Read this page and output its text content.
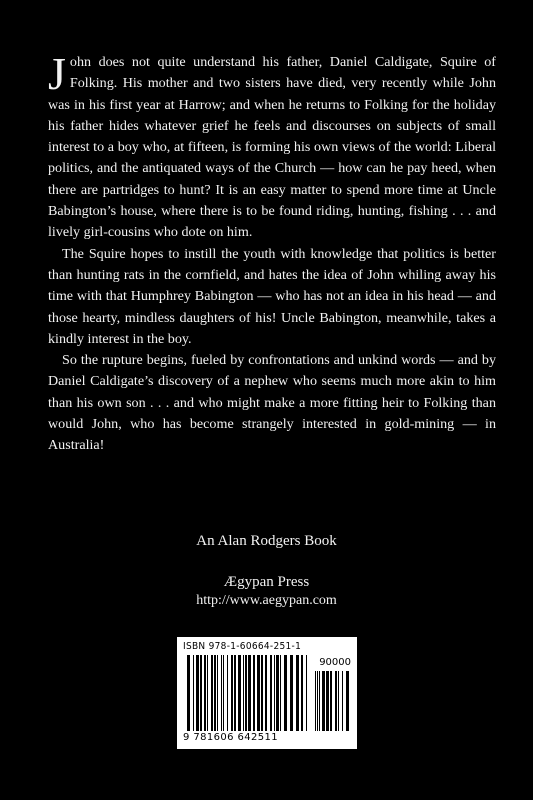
John does not quite understand his father, Daniel Caldigate, Squire of Folking. His mother and two sisters have died, very recently while John was in his first year at Harrow; and when he returns to Folking for the holiday his father hides whatever grief he feels and discourses on subjects of small interest to a boy who, at fifteen, is forming his own views of the world: Liberal politics, and the antiquated ways of the Church — how can he pay heed, when there are partridges to hunt? It is an easy matter to spend more time at Uncle Babington’s house, where there is to be found riding, hunting, fishing . . . and lively girl-cousins who dote on him.

The Squire hopes to instill the youth with knowledge that politics is better than hunting rats in the cornfield, and hates the idea of John whiling away his time with that Humphrey Babington — who has not an idea in his head — and those hearty, mindless daughters of his! Uncle Babington, meanwhile, takes a kindly interest in the boy.

So the rupture begins, fueled by confrontations and unkind words — and by Daniel Caldigate’s discovery of a nephew who seems much more akin to him than his own son . . . and who might make a more fitting heir to Folking than would John, who has become strangely interested in gold-mining — in Australia!

An Alan Rodgers Book
Ægypan Press
http://www.aegypan.com
ISBN 978-1-60664-251-1
90000
9 781606 642511
